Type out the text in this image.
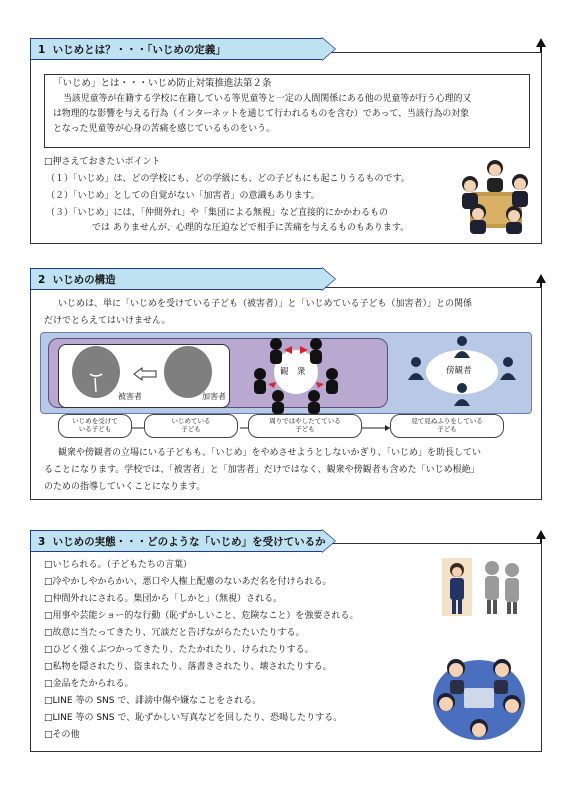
1  いじめとは？・・・「いじめの定義」
「いじめ」とは・・・いじめ防止対策推進法第２条
当該児童等が在籍する学校に在籍している等児童等と一定の人間関係にある他の児童等が行う心理的又
は物理的な影響を与える行為（インターネットを通じて行われるものを含む）であって、当該行為の対象
となった児童等が心身の苦痛を感じているものをいう。
□押さえておきたいポイント
（１）「いじめ」は、どの学校にも、どの学級にも、どの子どもにも起こりうるものです。
（２）「いじめ」としての自覚がない「加害者」の意識もあります。
（３）「いじめ」には、「仲間外れ」や「集団による無視」など直接的にかかわるもの
では ありませんが、心理的な圧迫などで相手に苦痛を与えるものもあります。
2  いじめの構造
いじめは、単に「いじめを受けている子ども（被害者）」と「いじめている子ども（加害者）」との関係
だけでとらえてはいけません。
被害者	加害者
観　衆	傍観者
いじめを受けて
いる子ども
いじめている
子ども
周りではやしたてている
子ども
見て見ぬふりをしている
子ども
観衆や傍観者の立場にいる子どもも、「いじめ」をやめさせようとしないかぎり、「いじめ」を助長してい
ることになります。学校では、「被害者」と「加害者」だけではなく、観衆や傍観者も含めた「いじめ根絶」
のための指導していくことになります。
3  いじめの実態・・・どのような「いじめ」を受けているか
□いじられる。（子どもたちの言葉）
□冷やかしやからかい、悪口や人権上配慮のないあだ名を付けられる。
□仲間外れにされる。集団から「しかと」（無視）される。
□用事や芸能ショー的な行動（恥ずかしいこと、危険なこと）を強要される。
□故意に当たってきたり、冗談だと告げながらたたいたりする。
□ひどく強くぶつかってきたり、たたかれたり、けられたりする。
□私物を隠されたり、盗まれたり、落書きされたり、壊されたりする。
□金品をたかられる。
□LINE 等の SNS で、誹謗中傷や嫌なことをされる。
□LINE 等の SNS で、恥ずかしい写真などを回したり、恐喝したりする。
□その他
